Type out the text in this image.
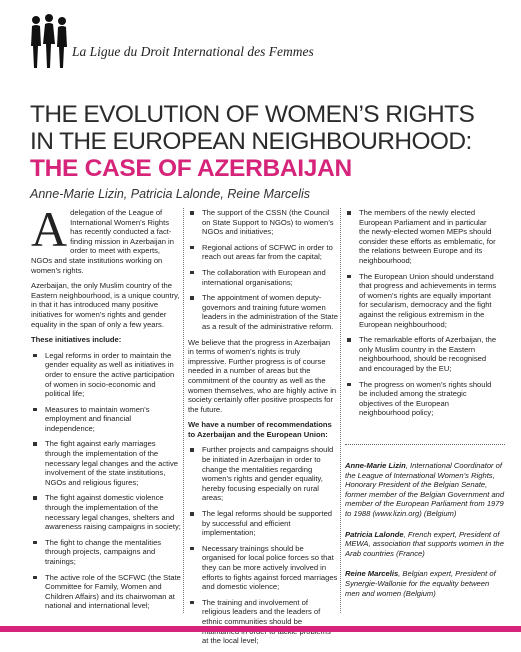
La Ligue du Droit International des Femmes
THE EVOLUTION OF WOMEN’S RIGHTS
IN THE EUROPEAN NEIGHBOURHOOD:
THE CASE OF AZERBAIJAN
Anne-Marie Lizin, Patricia Lalonde, Reine Marcelis

A delegation of the League of International Women’s Rights has recently conducted a fact-finding mission in Azerbaijan in order to meet with experts, NGOs and state institutions working on women’s rights.

Azerbaijan, the only Muslim country of the Eastern neighbourhood, is a unique country, in that it has introduced many positive initiatives for women’s rights and gender equality in the span of only a few years.

These initiatives include:

Legal reforms in order to maintain the gender equality as well as initiatives in order to ensure the active participation of women in socio-economic and political life;
Measures to maintain women’s employment and financial independence;
The fight against early marriages through the implementation of the necessary legal changes and the active involvement of the state institutions, NGOs and religious figures;
The fight against domestic violence through the implementation of the necessary legal changes, shelters and awareness raising campaigns in society;
The fight to change the mentalities through projects, campaigns and trainings;
The active role of the SCFWC (the State Committee for Family, Women and Children Affairs) and its chairwoman at national and international level;
The support of the CSSN (the Council on State Support to NGOs) to women’s NGOs and initiatives;
Regional actions of SCFWC in order to reach out areas far from the capital;
The collaboration with European and international organisations;
The appointment of women deputy-governors and training future women leaders in the administration of the State as a result of the administrative reform.

We believe that the progress in Azerbaijan in terms of women’s rights is truly impressive. Further progress is of course needed in a number of areas but the commitment of the country as well as the women themselves, who are highly active in society certainly offer positive prospects for the future.

We have a number of recommendations to Azerbaijan and the European Union:

Further projects and campaigns should be initiated in Azerbaijan in order to change the mentalities regarding women’s rights and gender equality, hereby focusing especially on rural areas;
The legal reforms should be supported by successful and efficient implementation;
Necessary trainings should be organised for local police forces so that they can be more actively involved in efforts to fights against forced marriages and domestic violence;
The training and involvement of religious leaders and the leaders of ethnic communities should be at the local level;
The members of the newly elected European Parliament and in particular the newly-elected women MEPs should consider these efforts as emblematic, for the relations between Europe and its neighbourhood;
The European Union should understand that progress and achievements in terms of women’s rights are equally important for secularism, democracy and the fight against the religious extremism in the European neighbourhood;
The remarkable efforts of Azerbaijan, the only Muslim country in the Eastern neighbourhood, should be recognised and encouraged by the EU;
The progress on women’s rights should be included among the strategic objectives of the European neighbourhood policy;

Anne-Marie Lizin, International Coordinator of the League of International Women’s Rights, Honorary President of the Belgian Senate, former member of the Belgian Government and member of the European Parliament from 1979 to 1988 (www.lizin.org) (Belgium)

Patricia Lalonde, French expert, President of MEWA, association that supports women in the Arab countries (France)

Reine Marcelis, Belgian expert, President of Synergie-Wallonie for the equality between men and women (Belgium)
